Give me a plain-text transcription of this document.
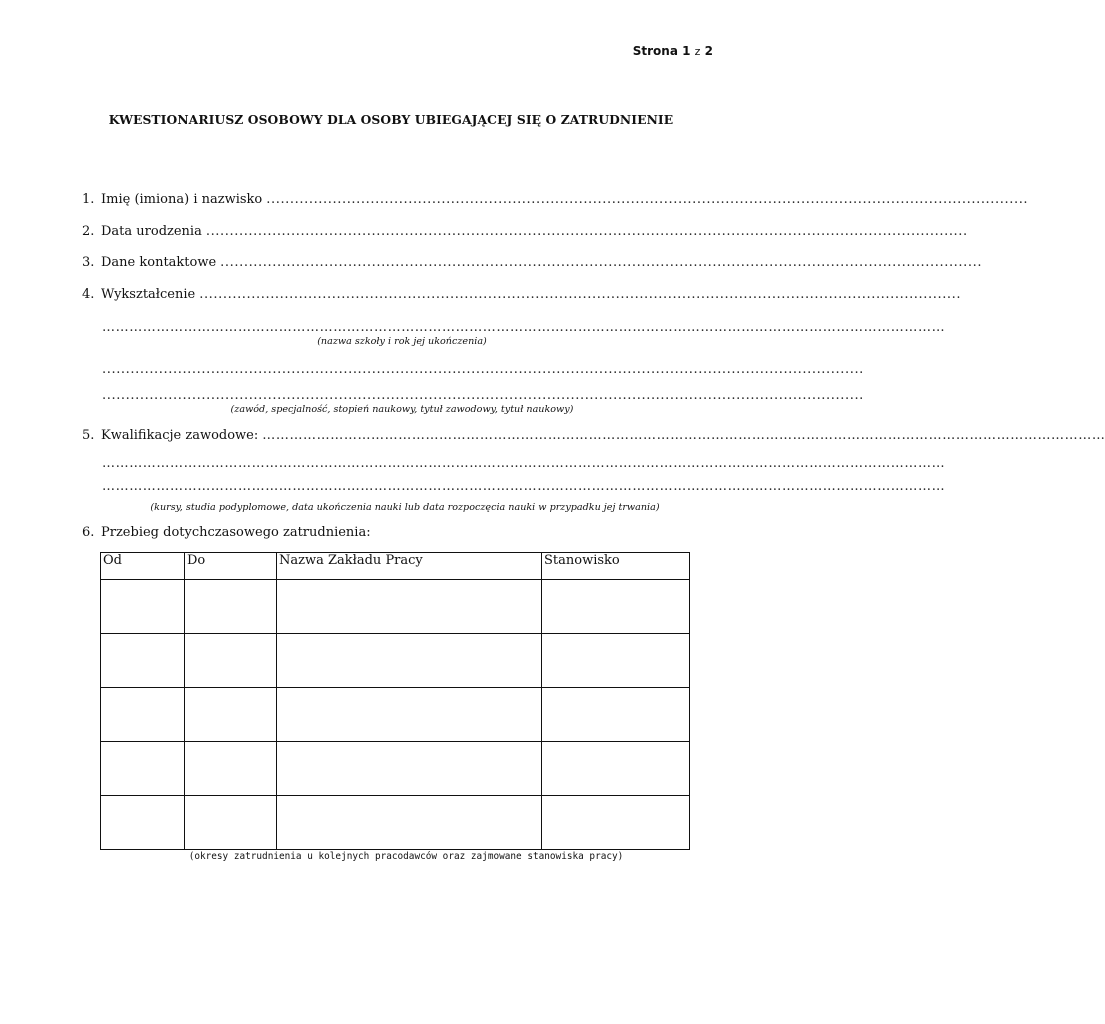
Strona 1 z 2
KWESTIONARIUSZ OSOBOWY DLA OSOBY UBIEGAJĄCEJ SIĘ O ZATRUDNIENIE
1. Imię (imiona) i nazwisko .................................................................................................................................................................
2. Data urodzenia .................................................................................................................................................................
3. Dane kontaktowe .................................................................................................................................................................
4. Wykształcenie .................................................................................................................................................................
……………………………………………………………………………………………………………………………………………………………………
(nazwa szkoły i rok jej ukończenia)
.................................................................................................................................................................
.................................................................................................................................................................
(zawód, specjalność, stopień naukowy, tytuł zawodowy, tytuł naukowy)
5. Kwalifikacje zawodowe: ……………………………………………………………………………………………………………………………………………………………………
……………………………………………………………………………………………………………………………………………………………………
……………………………………………………………………………………………………………………………………………………………………
(kursy, studia podyplomowe, data ukończenia nauki lub data rozpoczęcia nauki w przypadku jej trwania)
6. Przebieg dotychczasowego zatrudnienia:
Od	Do	Nazwa Zakładu Pracy	Stanowisko

(okresy zatrudnienia u kolejnych pracodawców oraz zajmowane stanowiska pracy)
